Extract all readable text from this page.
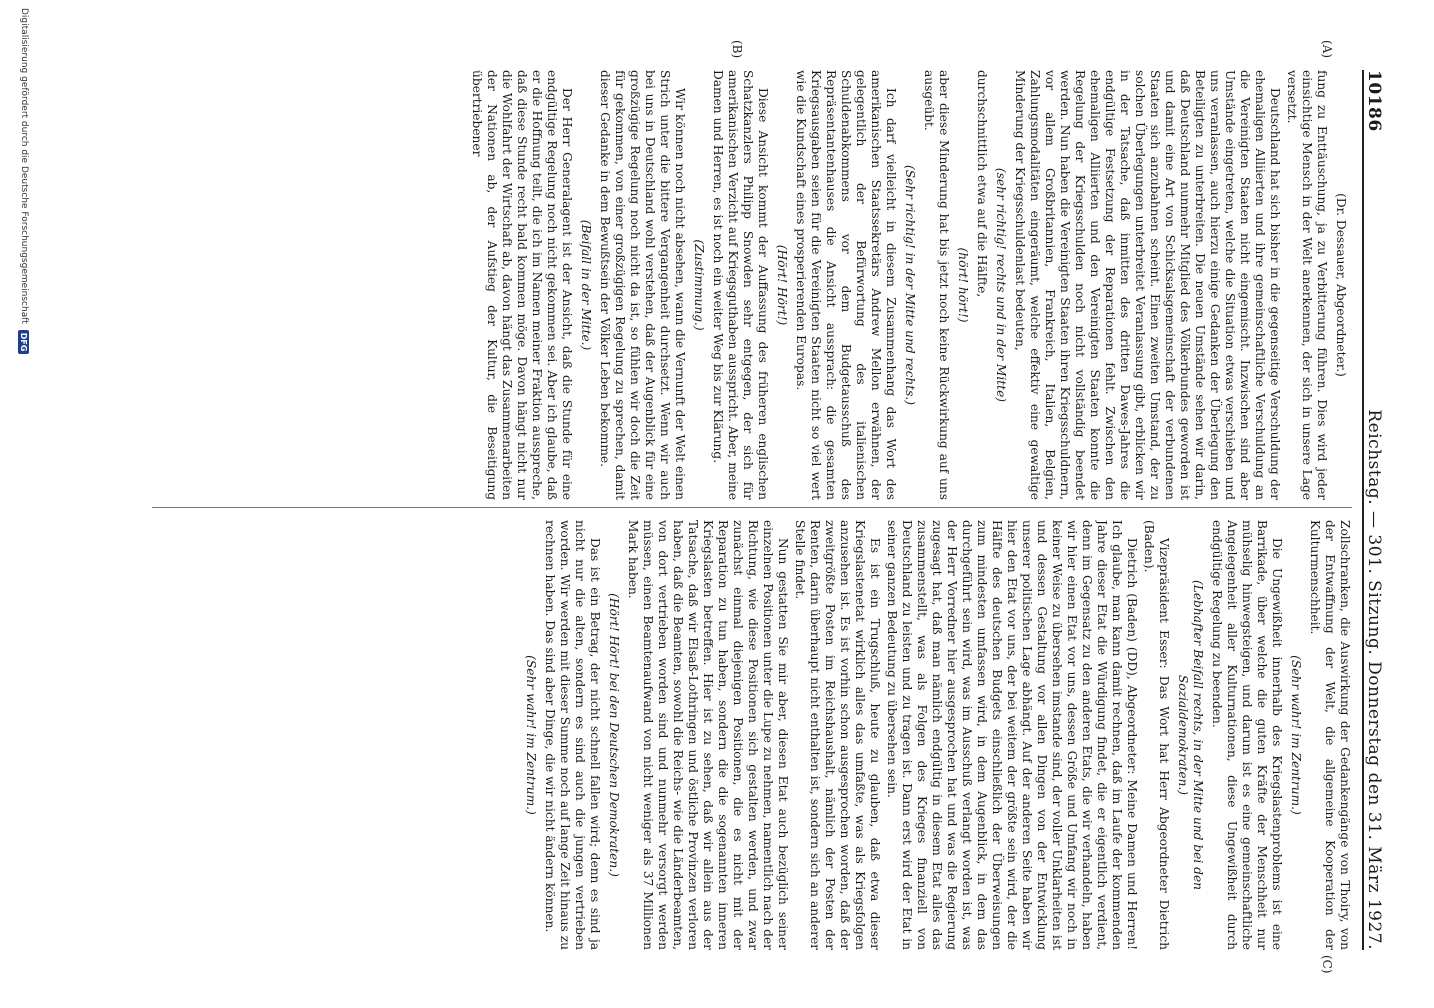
10186
Reichstag. — 301. Sitzung. Donnerstag den 31. März 1927.
(A)
(B)
(C)

(Dr. Dessauer, Abgeordneter.)

fung zu Enttäuschung, ja zu Verbitterung führen. Dies wird jeder einsichtige Mensch in der Welt anerkennen, der sich in unsere Lage versetzt.

Deutschland hat sich bisher in die gegenseitige Verschuldung der ehemaligen Alliierten und ihre gemeinschaftliche Verschuldung an die Vereinigten Staaten nicht eingemischt. Inzwischen sind aber Umstände eingetreten, welche die Situation etwas verschieben und uns veranlassen, auch hierzu einige Gedanken der Überlegung den Beteiligten zu unterbreiten. Die neuen Umstände sehen wir darin, daß Deutschland nunmehr Mitglied des Völkerbundes geworden ist und damit eine Art von Schicksalsgemeinschaft der verbundenen Staaten sich anzubahnen scheint. Einen zweiten Umstand, der zu solchen Überlegungen unterbreitet Veranlassung gibt, erblicken wir in der Tatsache, daß inmitten des dritten Dawes-Jahres die endgültige Festsetzung der Reparationen fehlt. Zwischen den ehemaligen Alliierten und den Vereinigten Staaten konnte die Regelung der Kriegsschulden noch nicht vollständig beendet werden. Nun haben die Vereinigten Staaten ihren Kriegsschuldnern, vor allem Großbritannien, Frankreich, Italien, Belgien, Zahlungsmodalitäten eingeräumt, welche effektiv eine gewaltige Minderung der Kriegsschuldenlast bedeuten,

(sehr richtig! rechts und in der Mitte)

durchschnittlich etwa auf die Hälfte,

(hört! hört!)

aber diese Minderung hat bis jetzt noch keine Rückwirkung auf uns ausgeübt.

(Sehr richtig! in der Mitte und rechts.)

Ich darf vielleicht in diesem Zusammenhang das Wort des amerikanischen Staatssekretärs Andrew Mellon erwähnen, der gelegentlich der Befürwortung des italienischen Schuldenabkommens vor dem Budgetausschuß des Repräsentantenhauses die Ansicht aussprach: die gesamten Kriegsausgaben seien für die Vereinigten Staaten nicht so viel wert wie die Kundschaft eines prosperierenden Europas.

(Hört! Hört!)

Diese Ansicht kommt der Auffassung des früheren englischen Schatzkanzlers Philipp Snowden sehr entgegen, der sich für amerikanischen Verzicht auf Kriegsguthaben ausspricht. Aber, meine Damen und Herren, es ist noch ein weiter Weg bis zur Klärung.

(Zustimmung.)

Wir können noch nicht absehen, wann die Vernunft der Welt einen Strich unter die bittere Vergangenheit durchsetzt. Wenn wir auch bei uns in Deutschland wohl verstehen, daß der Augenblick für eine großzügige Regelung noch nicht da ist, so fühlen wir doch die Zeit für gekommen, von einer großzügigen Regelung zu sprechen, damit dieser Gedanke in dem Bewußtsein der Völker Leben bekomme.

(Beifall in der Mitte.)

Der Herr Generalagent ist der Ansicht, daß die Stunde für eine endgültige Regelung noch nicht gekommen sei. Aber ich glaube, daß er die Hoffnung teilt, die ich im Namen meiner Fraktion ausspreche, daß diese Stunde recht bald kommen möge. Davon hängt nicht nur die Wohlfahrt der Wirtschaft ab, davon hängt das Zusammenarbeiten der Nationen ab, der Aufstieg der Kultur, die Beseitigung übertriebener

Zollschranken, die Auswirkung der Gedankengänge von Thoiry, von der Entwaffnung der Welt, die allgemeine Kooperation der Kulturmenschheit.

(Sehr wahr! im Zentrum.)

Die Ungewißheit innerhalb des Kriegslastenproblems ist eine Barrikade, über welche die guten Kräfte der Menschheit nur mühselig hinwegsteigen, und darum ist es eine gemeinschaftliche Angelegenheit aller Kulturnationen, diese Ungewißheit durch endgültige Regelung zu beenden.

(Lebhafter Beifall rechts, in der Mitte und bei den Sozialdemokraten.)

Vizepräsident Esser: Das Wort hat Herr Abgeordneter Dietrich (Baden).

Dietrich (Baden) (DD), Abgeordneter: Meine Damen und Herren! Ich glaube, man kann damit rechnen, daß im Laufe der kommenden Jahre dieser Etat die Würdigung findet, die er eigentlich verdient, denn im Gegensatz zu den anderen Etats, die wir verhandeln, haben wir hier einen Etat vor uns, dessen Größe und Umfang wir noch in keiner Weise zu übersehen imstande sind, der voller Unklarheiten ist und dessen Gestaltung vor allen Dingen von der Entwicklung unserer politischen Lage abhängt. Auf der anderen Seite haben wir hier den Etat vor uns, der bei weitem der größte sein wird, der die Hälfte des deutschen Budgets einschließlich der Überweisungen zum mindesten umfassen wird, in dem Augenblick, in dem das durchgeführt sein wird, was im Ausschuß verlangt worden ist, was der Herr Vorredner hier ausgesprochen hat und was die Regierung zugesagt hat, daß man nämlich endgültig in diesem Etat alles das zusammenstellt, was als Folgen des Krieges finanziell von Deutschland zu leisten und zu tragen ist. Dann erst wird der Etat in seiner ganzen Bedeutung zu übersehen sein.

Es ist ein Trugschluß, heute zu glauben, daß etwa dieser Kriegslastenetat wirklich alles das umfaßte, was als Kriegsfolgen anzusehen ist. Es ist vorhin schon ausgesprochen worden, daß der zweitgrößte Posten im Reichshaushalt, nämlich der Posten der Renten, darin überhaupt nicht enthalten ist, sondern sich an anderer Stelle findet.

Nun gestatten Sie mir aber, diesen Etat auch bezüglich seiner einzelnen Positionen unter die Lupe zu nehmen, namentlich nach der Richtung, wie diese Positionen sich gestalten werden, und zwar zunächst einmal diejenigen Positionen, die es nicht mit der Reparation zu tun haben, sondern die die sogenannten inneren Kriegslasten betreffen. Hier ist zu sehen, daß wir allein aus der Tatsache, daß wir Elsaß-Lothringen und östliche Provinzen verloren haben, daß die Beamten, sowohl die Reichs- wie die Länderbeamten, von dort vertrieben worden sind und nunmehr versorgt werden müssen, einen Beamtenaufwand von nicht weniger als 37 Millionen Mark haben.

(Hört! Hört! bei den Deutschen Demokraten.)

Das ist ein Betrag, der nicht schnell fallen wird; denn es sind ja nicht nur die alten, sondern es sind auch die jungen vertrieben worden. Wir werden mit dieser Summe noch auf lange Zeit hinaus zu rechnen haben. Das sind aber Dinge, die wir nicht ändern können.

(Sehr wahr! im Zentrum.)

Digitalisierung gefördert durch die Deutsche Forschungsgemeinschaft
DFG
